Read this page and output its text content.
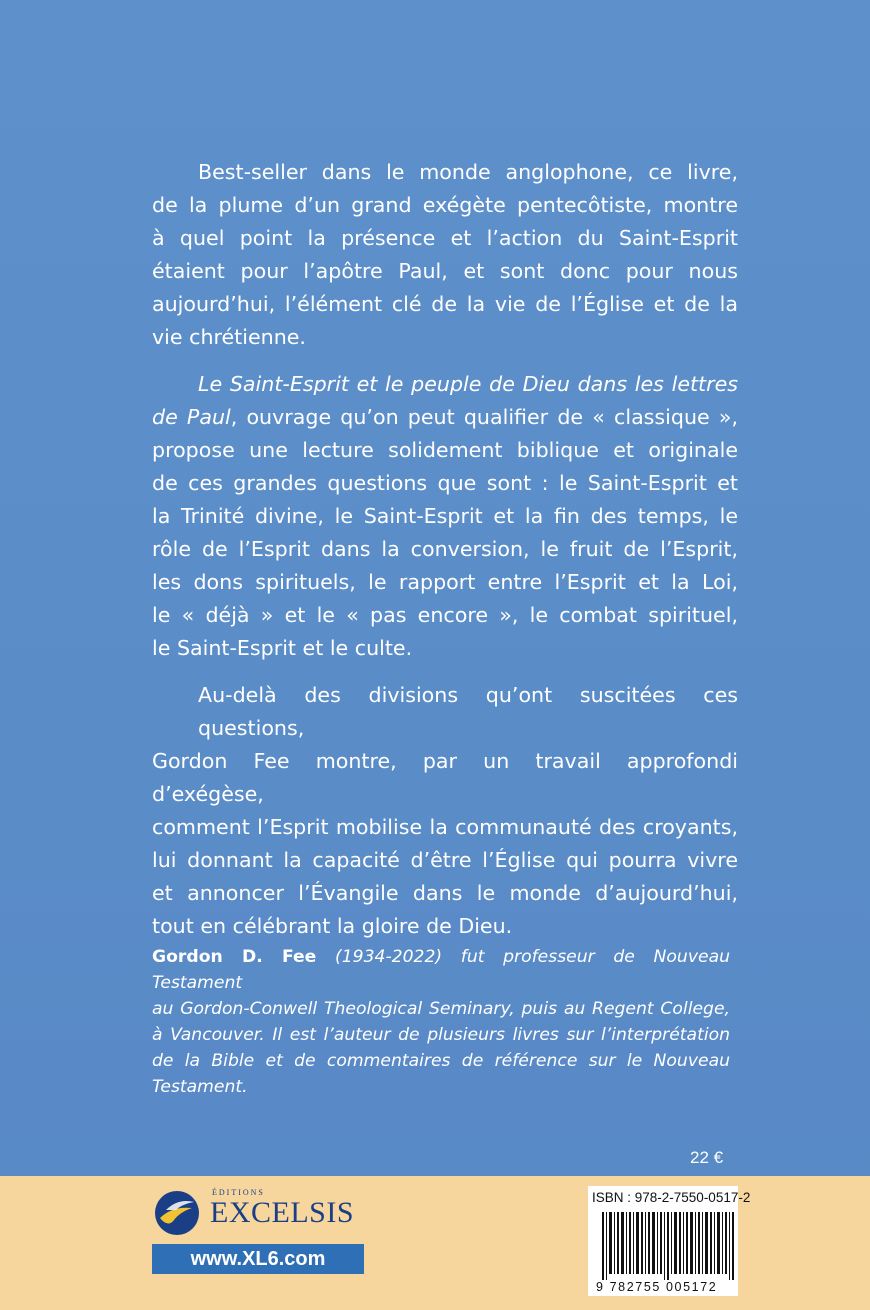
Best-seller dans le monde anglophone, ce livre,
de la plume d’un grand exégète pentecôtiste, montre
à quel point la présence et l’action du Saint-Esprit
étaient pour l’apôtre Paul, et sont donc pour nous
aujourd’hui, l’élément clé de la vie de l’Église et de la
vie chrétienne.

Le Saint-Esprit et le peuple de Dieu dans les lettres
de Paul, ouvrage qu’on peut qualifier de « classique »,
propose une lecture solidement biblique et originale
de ces grandes questions que sont : le Saint-Esprit et
la Trinité divine, le Saint-Esprit et la fin des temps, le
rôle de l’Esprit dans la conversion, le fruit de l’Esprit,
les dons spirituels, le rapport entre l’Esprit et la Loi,
le « déjà » et le « pas encore », le combat spirituel,
le Saint-Esprit et le culte.

Au-delà des divisions qu’ont suscitées ces questions,
Gordon Fee montre, par un travail approfondi d’exégèse,
comment l’Esprit mobilise la communauté des croyants,
lui donnant la capacité d’être l’Église qui pourra vivre
et annoncer l’Évangile dans le monde d’aujourd’hui,
tout en célébrant la gloire de Dieu.

Gordon D. Fee (1934-2022) fut professeur de Nouveau Testament
au Gordon-Conwell Theological Seminary, puis au Regent College,
à Vancouver. Il est l’auteur de plusieurs livres sur l’interprétation
de la Bible et de commentaires de référence sur le Nouveau
Testament.
22 €
ÉDITIONS
EXCELSIS
www.XL6.com
ISBN : 978-2-7550-0517-2
9 782755 005172
